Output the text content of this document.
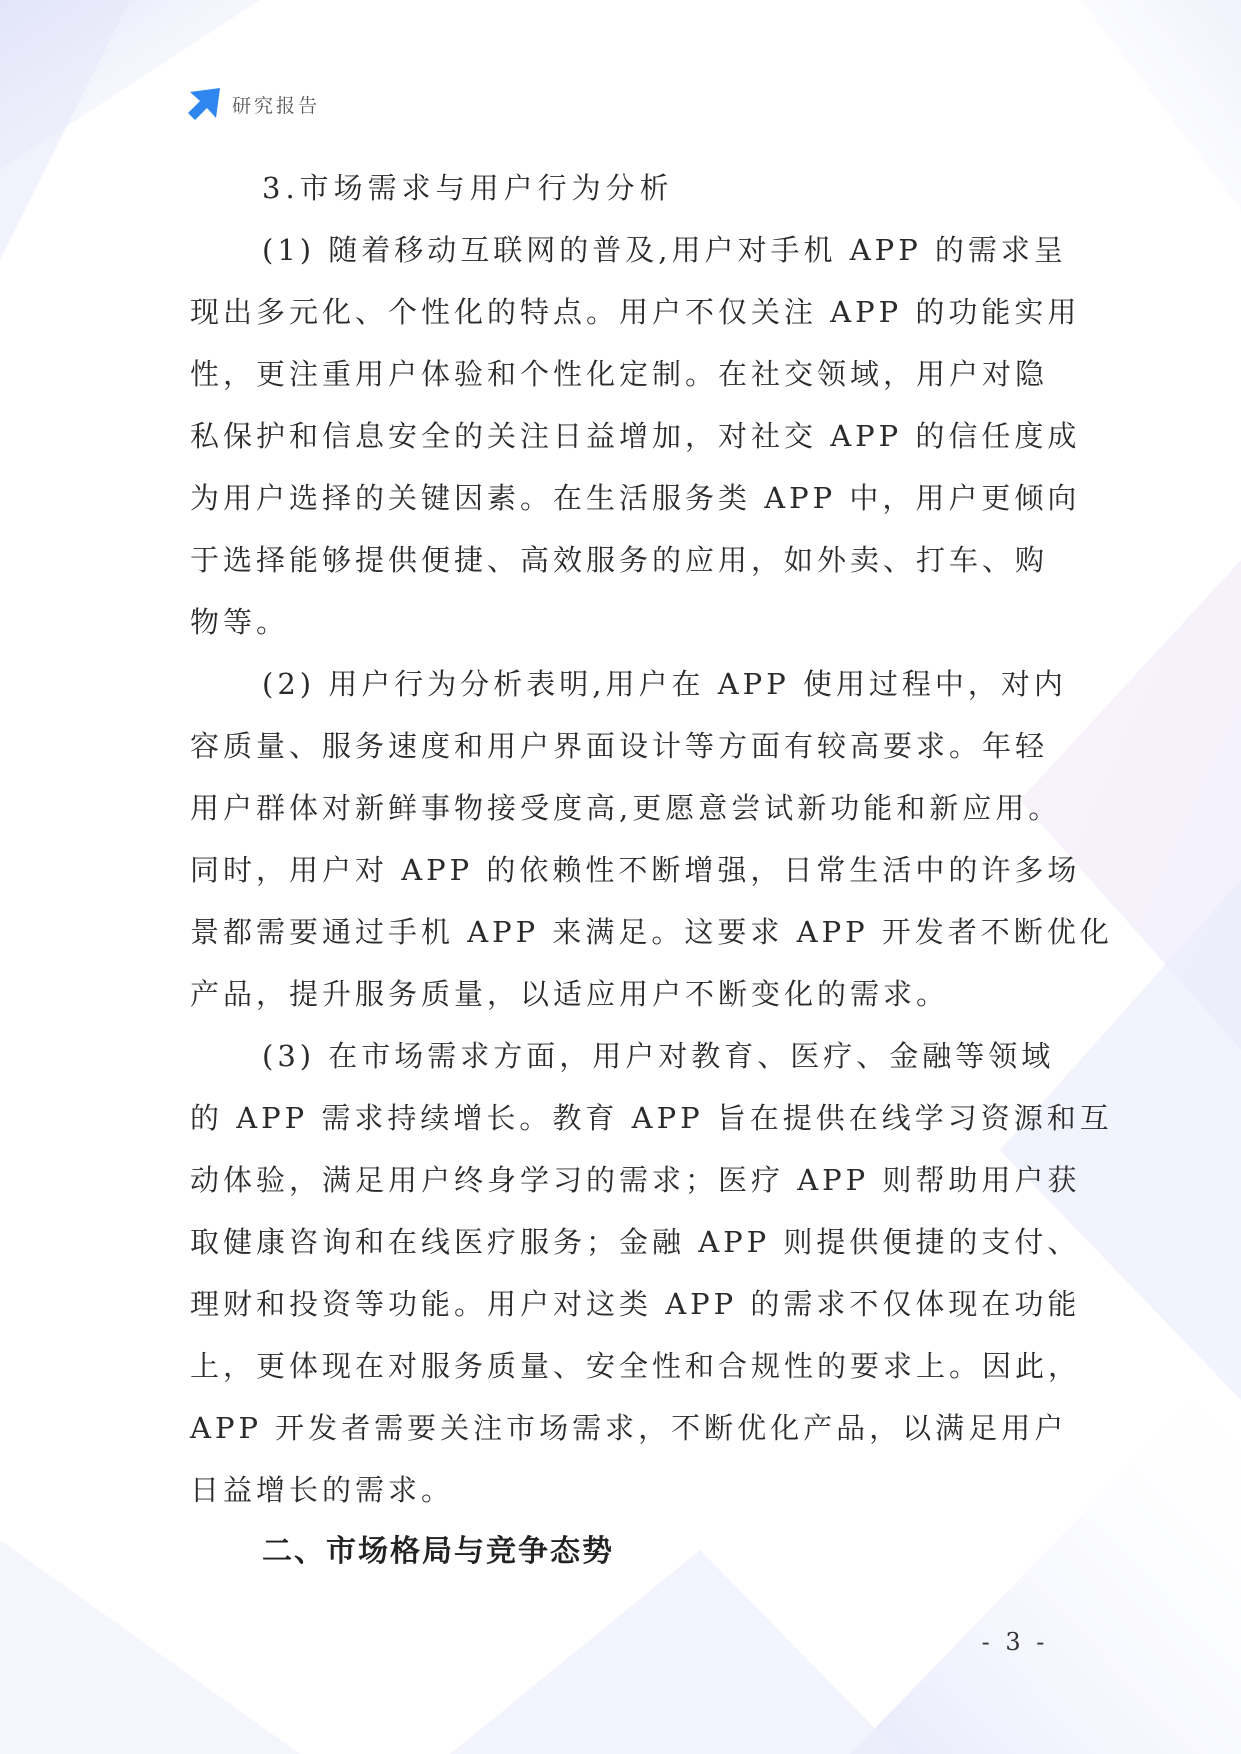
研究报告
3.市场需求与用户行为分析
(1) 随着移动互联网的普及,用户对手机 APP 的需求呈
现出多元化、个性化的特点。用户不仅关注 APP 的功能实用
性，更注重用户体验和个性化定制。在社交领域，用户对隐
私保护和信息安全的关注日益增加，对社交 APP 的信任度成
为用户选择的关键因素。在生活服务类 APP 中，用户更倾向
于选择能够提供便捷、高效服务的应用，如外卖、打车、购
物等。
(2) 用户行为分析表明,用户在 APP 使用过程中，对内
容质量、服务速度和用户界面设计等方面有较高要求。年轻
用户群体对新鲜事物接受度高,更愿意尝试新功能和新应用。
同时，用户对 APP 的依赖性不断增强，日常生活中的许多场
景都需要通过手机 APP 来满足。这要求 APP 开发者不断优化
产品，提升服务质量，以适应用户不断变化的需求。
(3) 在市场需求方面，用户对教育、医疗、金融等领域
的 APP 需求持续增长。教育 APP 旨在提供在线学习资源和互
动体验，满足用户终身学习的需求；医疗 APP 则帮助用户获
取健康咨询和在线医疗服务；金融 APP 则提供便捷的支付、
理财和投资等功能。用户对这类 APP 的需求不仅体现在功能
上，更体现在对服务质量、安全性和合规性的要求上。因此，
APP 开发者需要关注市场需求，不断优化产品，以满足用户
日益增长的需求。
二、市场格局与竞争态势
- 3 -
